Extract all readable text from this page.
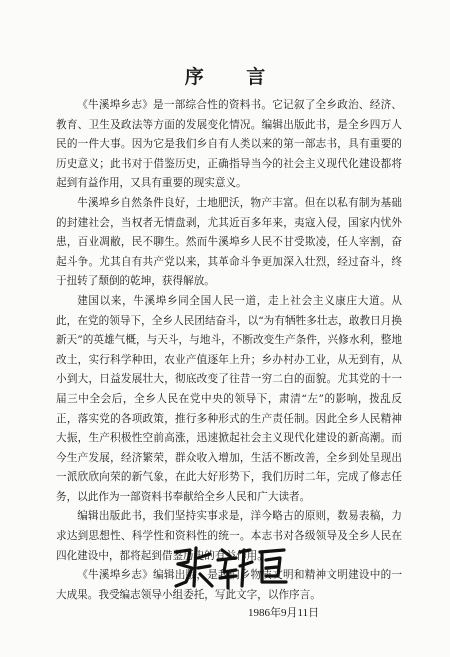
序 言

《牛溪埠乡志》是一部综合性的资料书。它记叙了全乡政治、经济、教育、卫生及政法等方面的发展变化情况。编辑出版此书，是全乡四万人民的一件大事。因为它是我们乡自有人类以来的第一部志书，具有重要的历史意义；此书对于借鉴历史，正确指导当今的社会主义现代化建设都将起到有益作用，又具有重要的现实意义。

牛溪埠乡自然条件良好，土地肥沃，物产丰富。但在以私有制为基础的封建社会，当权者无情盘剥，尤其近百多年来，夷寇入侵，国家内忧外患，百业凋敝，民不聊生。然而牛溪埠乡人民不甘受欺凌，任人宰割，奋起斗争。尤其自有共产党以来，其革命斗争更加深入壮烈，经过奋斗，终于扭转了颓倒的乾坤，获得解放。

建国以来，牛溪埠乡同全国人民一道，走上社会主义康庄大道。从此，在党的领导下，全乡人民团结奋斗，以“为有牺牲多壮志，敢教日月换新天”的英雄气概，与天斗，与地斗，不断改变生产条件，兴修水利，整地改土，实行科学种田，农业产值逐年上升；乡办村办工业，从无到有，从小到大，日益发展壮大，彻底改变了往昔一穷二白的面貌。尤其党的十一届三中全会后，全乡人民在党中央的领导下，肃清“左”的影响，拨乱反正，落实党的各项政策，推行多种形式的生产责任制。因此全乡人民精神大振，生产积极性空前高涨，迅速掀起社会主义现代化建设的新高潮。而今生产发展，经济繁荣，群众收入增加，生活不断改善，全乡到处呈现出一派欣欣向荣的新气象，在此大好形势下，我们历时二年，完成了修志任务，以此作为一部资料书奉献给全乡人民和广大读者。

编辑出版此书，我们坚持实事求是，洋今略古的原则，数易表稿，力求达到思想性、科学性和资料性的统一。本志书对各级领导及全乡人民在四化建设中，都将起到借鉴历史的有益作用。

《牛溪埠乡志》编辑出版，是我们乡物质文明和精神文明建设中的一大成果。我受编志领导小组委托，写此文字，以作序言。

1986年9月11日
